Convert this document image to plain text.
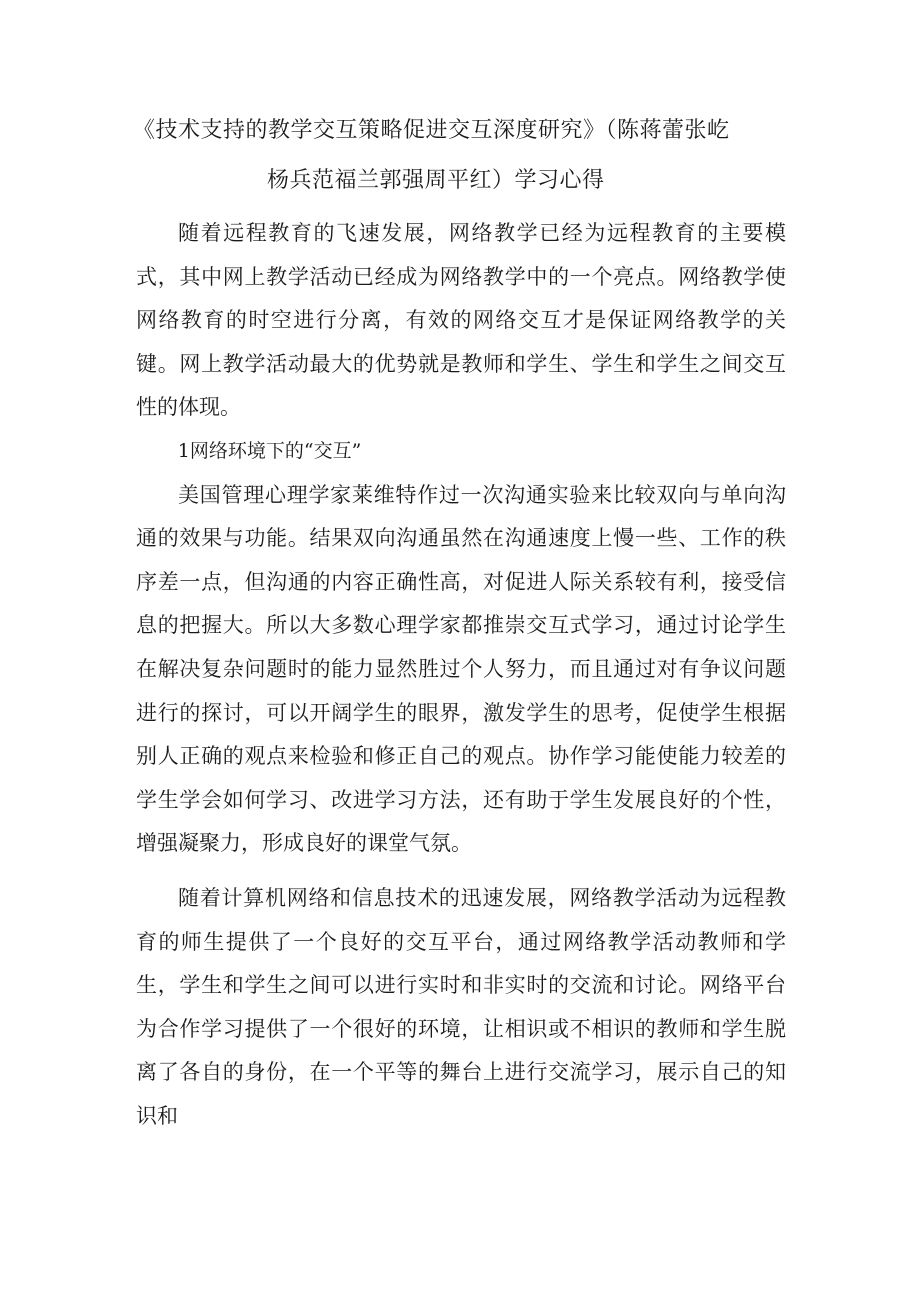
《技术支持的教学交互策略促进交互深度研究》（陈蒋蕾张屹
杨兵范福兰郭强周平红）学习心得

随着远程教育的飞速发展，网络教学已经为远程教育的主要模式，其中网上教学活动已经成为网络教学中的一个亮点。网络教学使网络教育的时空进行分离，有效的网络交互才是保证网络教学的关键。网上教学活动最大的优势就是教师和学生、学生和学生之间交互性的体现。

1网络环境下的“交互”

美国管理心理学家莱维特作过一次沟通实验来比较双向与单向沟通的效果与功能。结果双向沟通虽然在沟通速度上慢一些、工作的秩序差一点，但沟通的内容正确性高，对促进人际关系较有利，接受信息的把握大。所以大多数心理学家都推崇交互式学习，通过讨论学生在解决复杂问题时的能力显然胜过个人努力，而且通过对有争议问题进行的探讨，可以开阔学生的眼界，激发学生的思考，促使学生根据别人正确的观点来检验和修正自己的观点。协作学习能使能力较差的学生学会如何学习、改进学习方法，还有助于学生发展良好的个性，增强凝聚力，形成良好的课堂气氛。

随着计算机网络和信息技术的迅速发展，网络教学活动为远程教育的师生提供了一个良好的交互平台，通过网络教学活动教师和学生，学生和学生之间可以进行实时和非实时的交流和讨论。网络平台为合作学习提供了一个很好的环境，让相识或不相识的教师和学生脱离了各自的身份，在一个平等的舞台上进行交流学习，展示自己的知识和
